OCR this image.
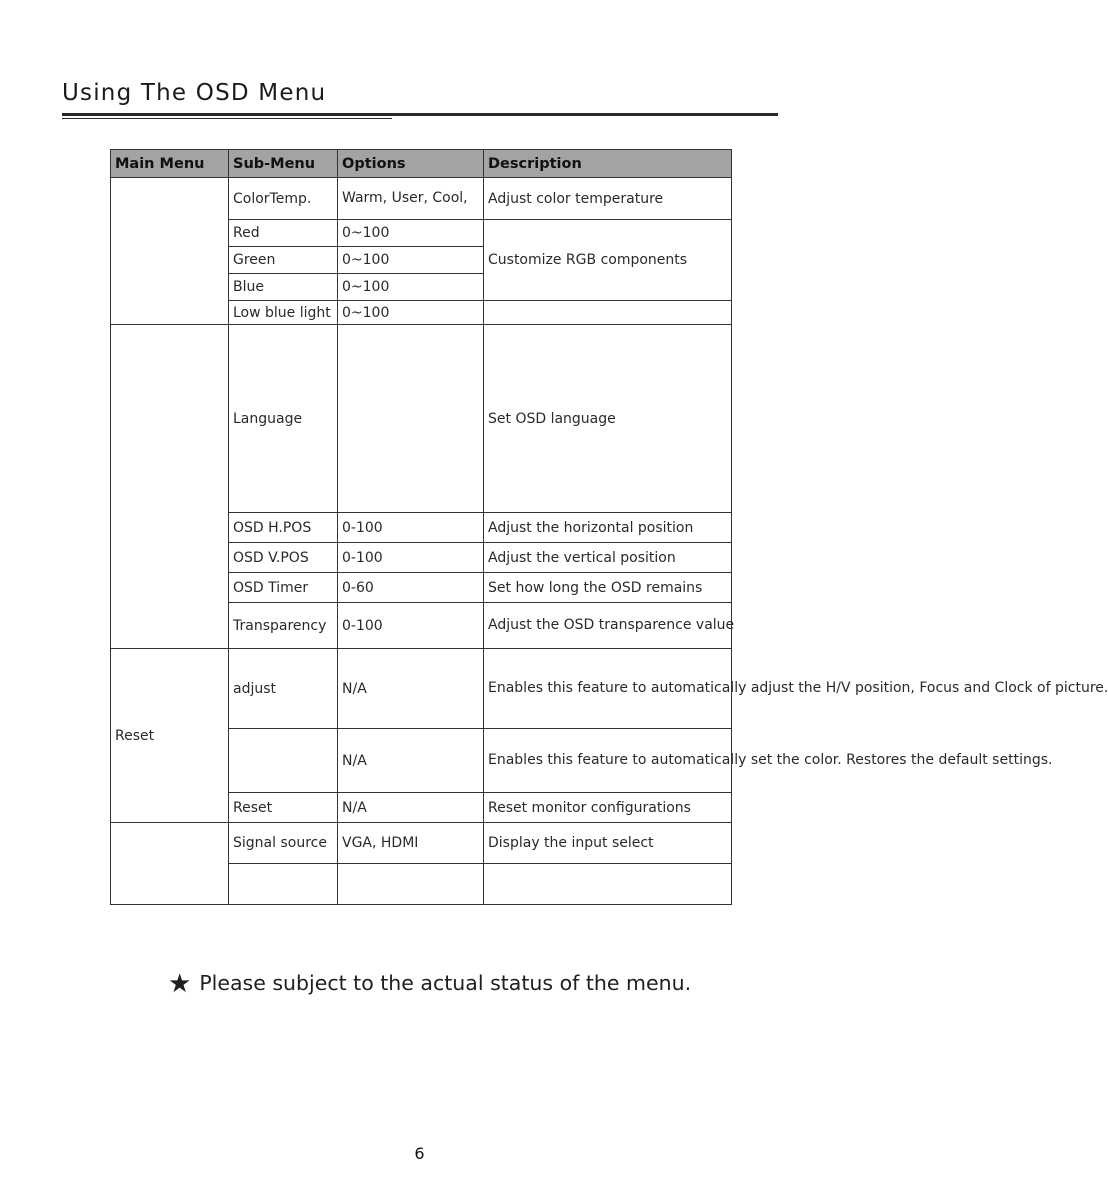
Using The OSD Menu
Main Menu	Sub-Menu	Options	Description
	ColorTemp.	Warm, User, Cool,	Adjust color temperature
	Red	0~100	Customize RGB components
	Green	0~100	
	Blue	0~100	
	Low blue light	0~100	
	Language		Set OSD language
	OSD H.POS	0-100	Adjust the horizontal position
	OSD V.POS	0-100	Adjust the vertical position
	OSD Timer	0-60	Set how long the OSD remains
	Transparency	0-100	Adjust the OSD transparence value
Reset	adjust	N/A	Enables this feature to automatically adjust the H/V position, Focus and Clock of picture.
		N/A	Enables this feature to automatically set the color. Restores the default settings.
	Reset	N/A	Reset monitor configurations
	Signal source	VGA, HDMI	Display the input select

★ Please subject to the actual status of the menu.
6
